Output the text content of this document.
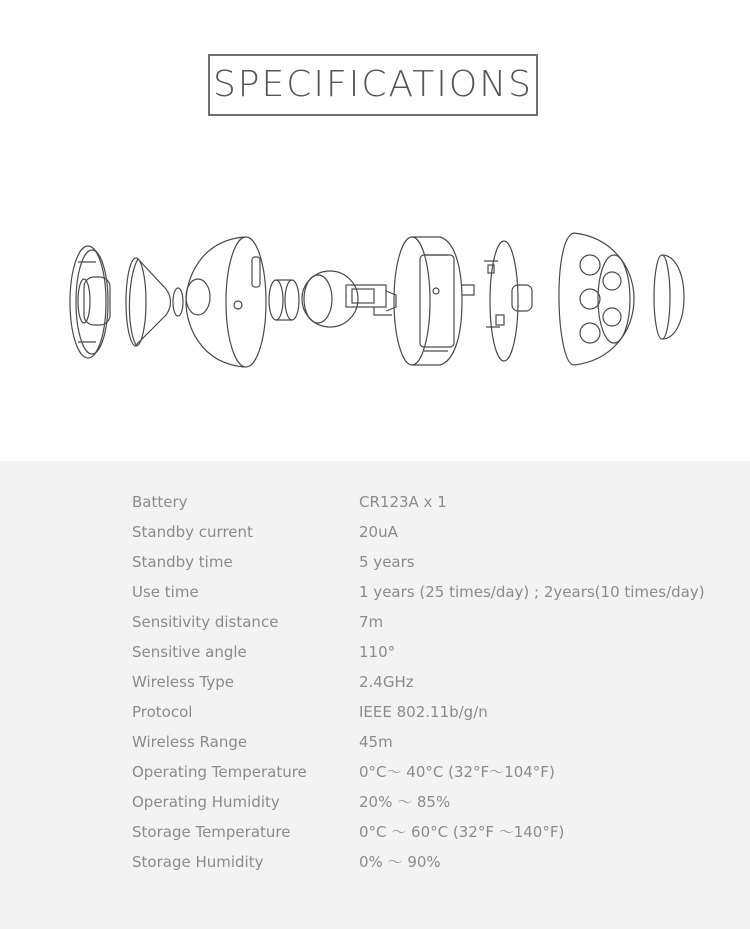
SPECIFICATIONS
Battery	CR123A x 1
Standby current	20uA
Standby time	5 years
Use time	1 years (25 times/day) ; 2years(10 times/day)
Sensitivity distance	7m
Sensitive angle	110°
Wireless Type	2.4GHz
Protocol	IEEE 802.11b/g/n
Wireless Range	45m
Operating Temperature	0°C～ 40°C (32°F～104°F)
Operating Humidity	20% ～ 85%
Storage Temperature	0°C ～ 60°C (32°F ～140°F)
Storage Humidity	0% ～ 90%
